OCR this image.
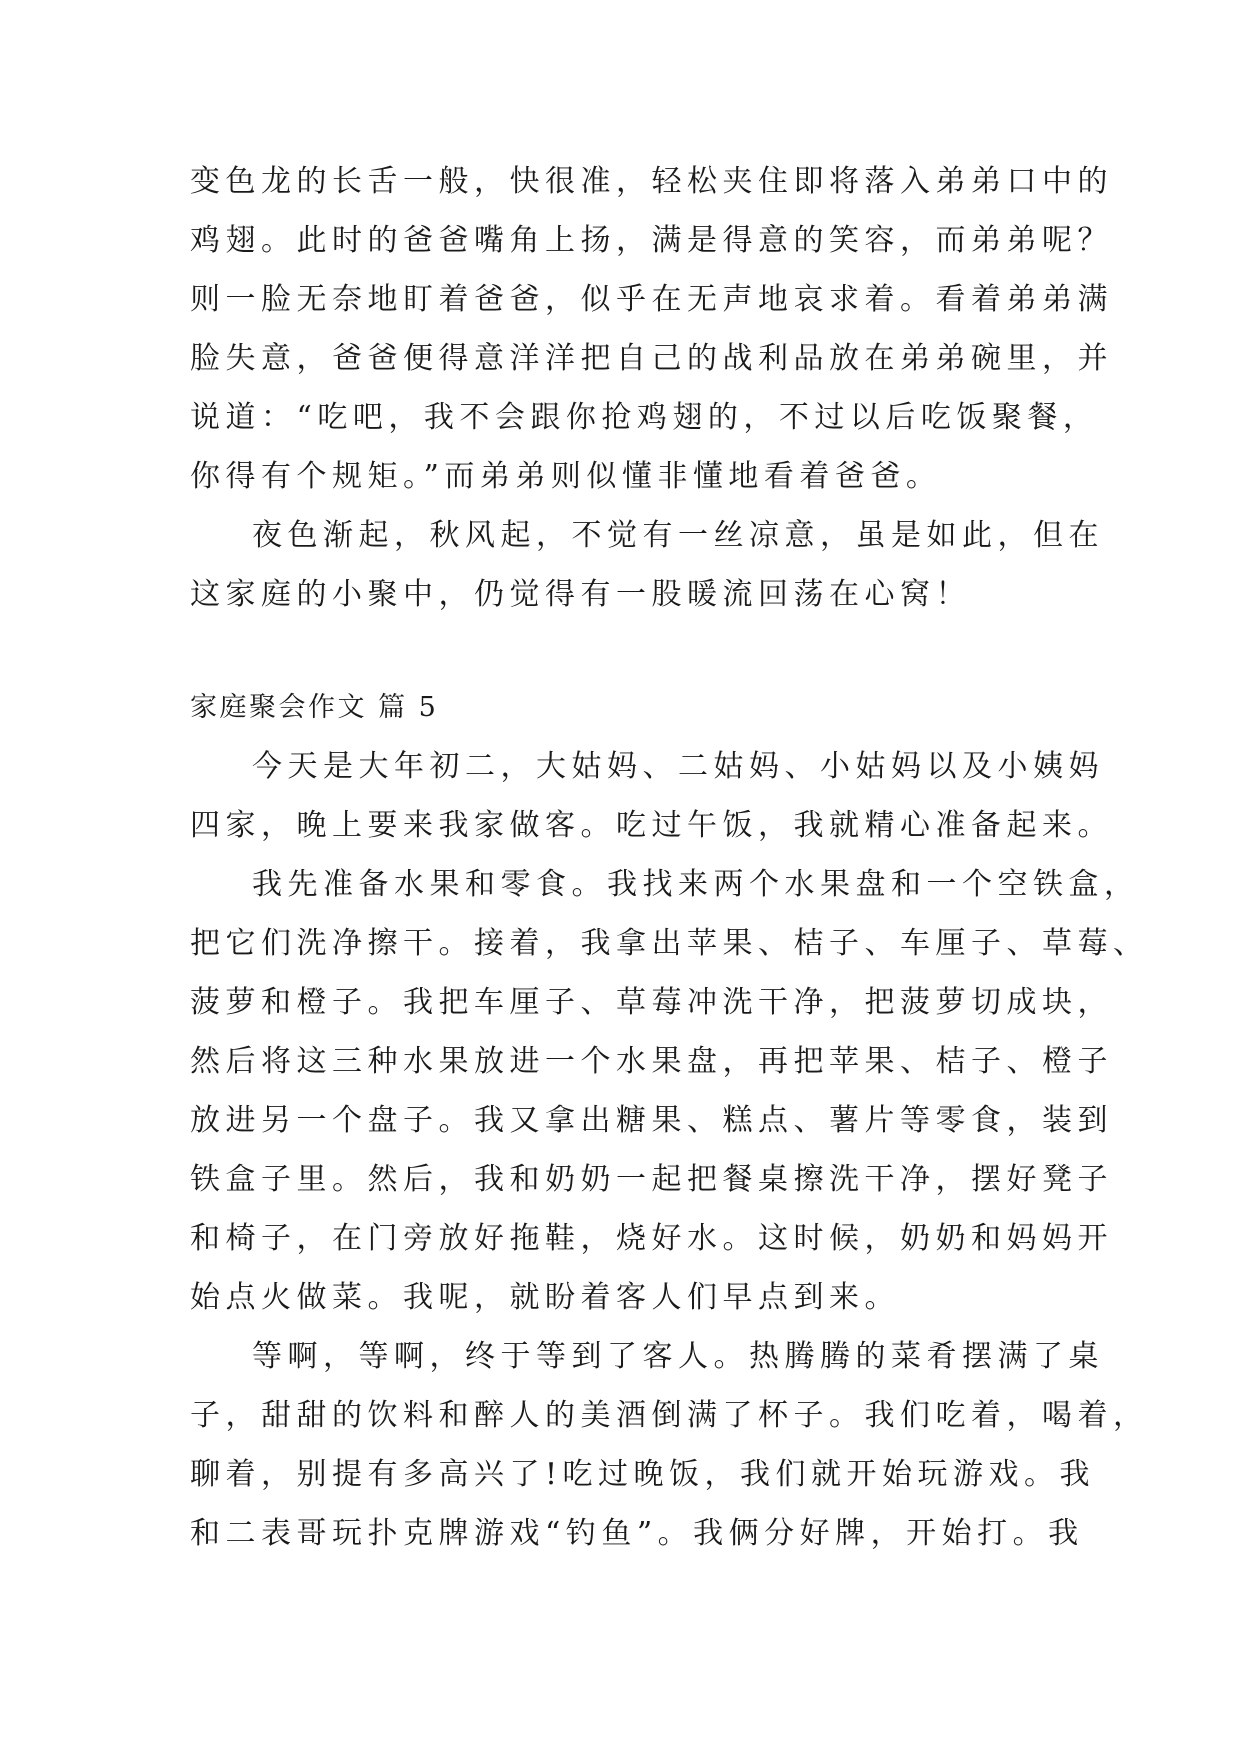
变色龙的长舌一般，快很准，轻松夹住即将落入弟弟口中的
鸡翅。此时的爸爸嘴角上扬，满是得意的笑容，而弟弟呢？
则一脸无奈地盯着爸爸，似乎在无声地哀求着。看着弟弟满
脸失意，爸爸便得意洋洋把自己的战利品放在弟弟碗里，并
说道：“吃吧，我不会跟你抢鸡翅的，不过以后吃饭聚餐，
你得有个规矩。”而弟弟则似懂非懂地看着爸爸。
夜色渐起，秋风起，不觉有一丝凉意，虽是如此，但在
这家庭的小聚中，仍觉得有一股暖流回荡在心窝！
家庭聚会作文 篇 5
今天是大年初二，大姑妈、二姑妈、小姑妈以及小姨妈
四家，晚上要来我家做客。吃过午饭，我就精心准备起来。
我先准备水果和零食。我找来两个水果盘和一个空铁盒，
把它们洗净擦干。接着，我拿出苹果、桔子、车厘子、草莓、
菠萝和橙子。我把车厘子、草莓冲洗干净，把菠萝切成块，
然后将这三种水果放进一个水果盘，再把苹果、桔子、橙子
放进另一个盘子。我又拿出糖果、糕点、薯片等零食，装到
铁盒子里。然后，我和奶奶一起把餐桌擦洗干净，摆好凳子
和椅子，在门旁放好拖鞋，烧好水。这时候，奶奶和妈妈开
始点火做菜。我呢，就盼着客人们早点到来。
等啊，等啊，终于等到了客人。热腾腾的菜肴摆满了桌
子，甜甜的饮料和醉人的美酒倒满了杯子。我们吃着，喝着，
聊着，别提有多高兴了!吃过晚饭，我们就开始玩游戏。我
和二表哥玩扑克牌游戏“钓鱼”。我俩分好牌，开始打。我
